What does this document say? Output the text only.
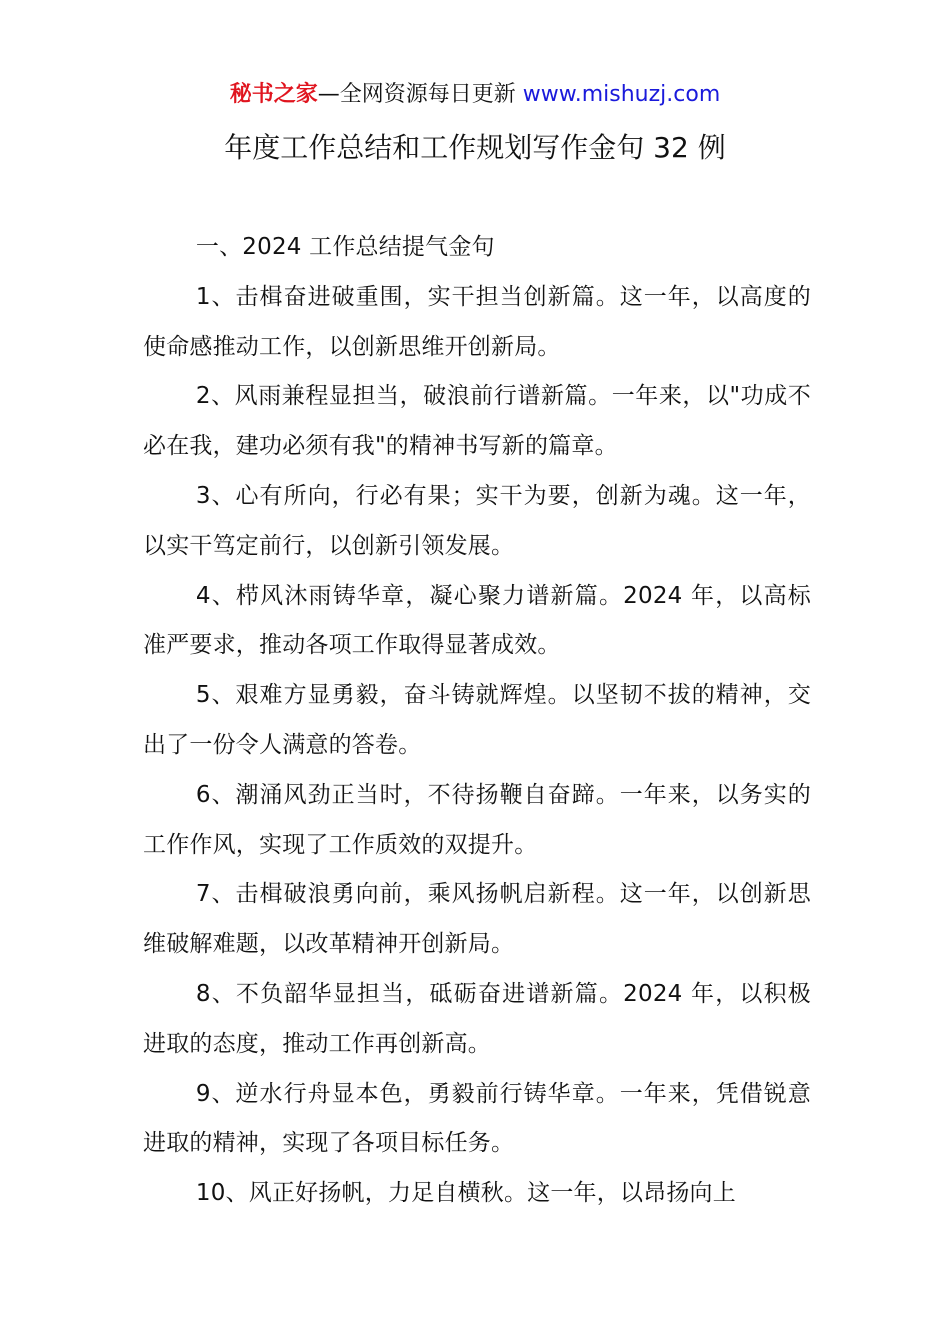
秘书之家—全网资源每日更新 www.mishuzj.com
年度工作总结和工作规划写作金句 32 例

一、2024 工作总结提气金句

1、击楫奋进破重围，实干担当创新篇。这一年，以高度的使命感推动工作，以创新思维开创新局。

2、风雨兼程显担当，破浪前行谱新篇。一年来，以"功成不必在我，建功必须有我"的精神书写新的篇章。

3、心有所向，行必有果；实干为要，创新为魂。这一年，以实干笃定前行，以创新引领发展。

4、栉风沐雨铸华章，凝心聚力谱新篇。2024 年，以高标准严要求，推动各项工作取得显著成效。

5、艰难方显勇毅，奋斗铸就辉煌。以坚韧不拔的精神，交出了一份令人满意的答卷。

6、潮涌风劲正当时，不待扬鞭自奋蹄。一年来，以务实的工作作风，实现了工作质效的双提升。

7、击楫破浪勇向前，乘风扬帆启新程。这一年，以创新思维破解难题，以改革精神开创新局。

8、不负韶华显担当，砥砺奋进谱新篇。2024 年，以积极进取的态度，推动工作再创新高。

9、逆水行舟显本色，勇毅前行铸华章。一年来，凭借锐意进取的精神，实现了各项目标任务。

10、风正好扬帆，力足自横秋。这一年，以昂扬向上
